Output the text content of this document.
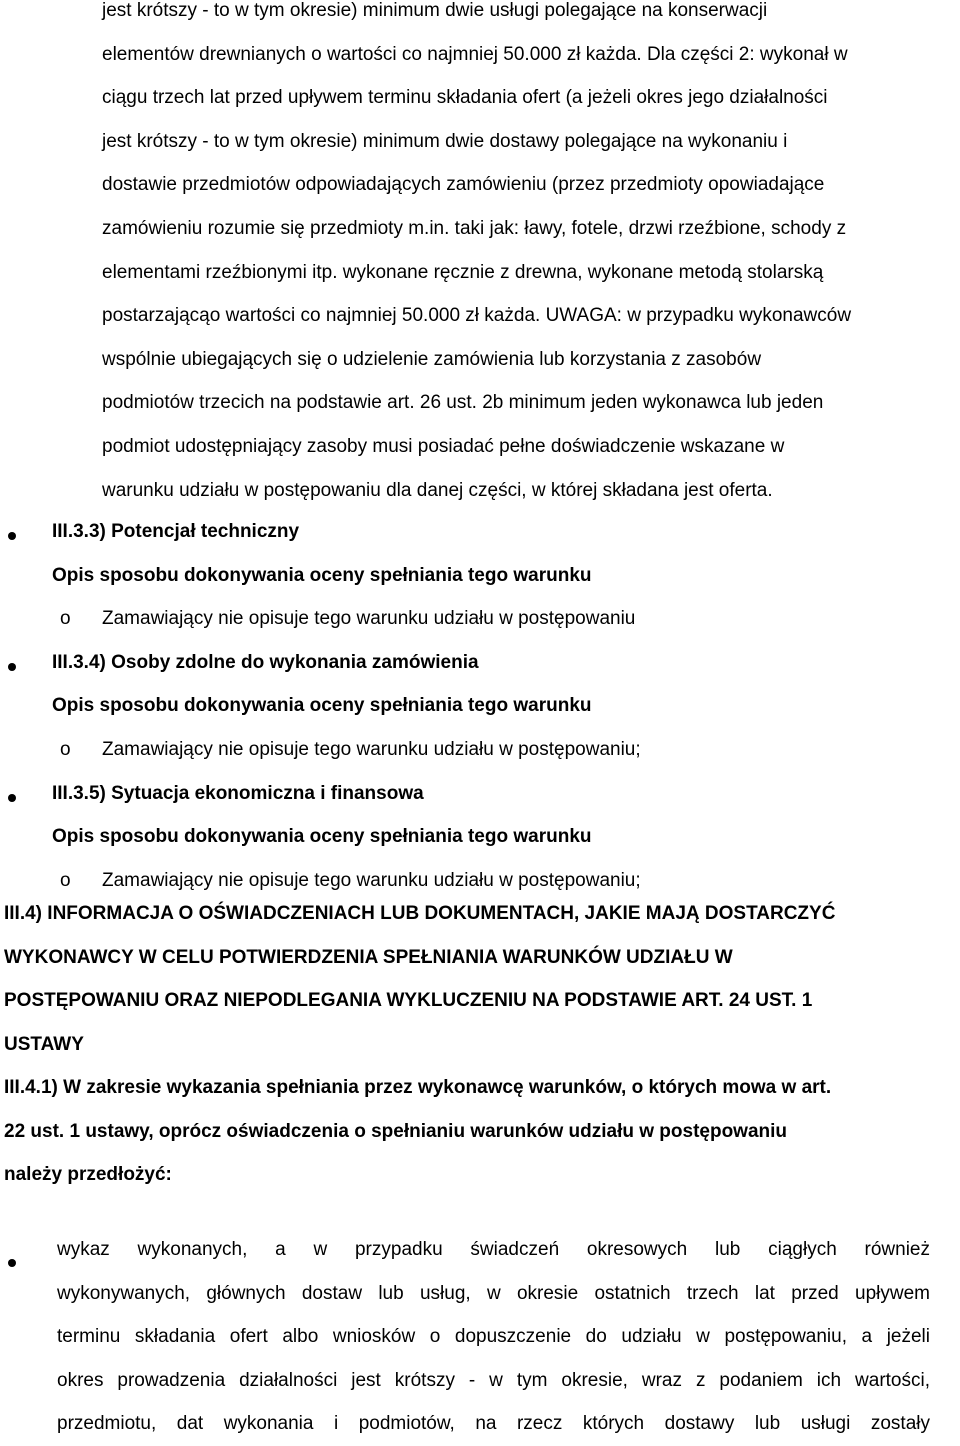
jest krótszy - to w tym okresie) minimum dwie usługi polegające na konserwacji
elementów drewnianych o wartości co najmniej 50.000 zł każda. Dla części 2: wykonał w
ciągu trzech lat przed upływem terminu składania ofert (a jeżeli okres jego działalności
jest krótszy - to w tym okresie) minimum dwie dostawy polegające na wykonaniu i
dostawie przedmiotów odpowiadających zamówieniu (przez przedmioty opowiadające
zamówieniu rozumie się przedmioty m.in. taki jak: ławy, fotele, drzwi rzeźbione, schody z
elementami rzeźbionymi itp. wykonane ręcznie z drewna, wykonane metodą stolarską
postarzającąo wartości co najmniej 50.000 zł każda. UWAGA: w przypadku wykonawców
wspólnie ubiegających się o udzielenie zamówienia lub korzystania z zasobów
podmiotów trzecich na podstawie art. 26 ust. 2b minimum jeden wykonawca lub jeden
podmiot udostępniający zasoby musi posiadać pełne doświadczenie wskazane w
warunku udziału w postępowaniu dla danej części, w której składana jest oferta.

III.3.3) Potencjał techniczny
Opis sposobu dokonywania oceny spełniania tego warunku
o Zamawiający nie opisuje tego warunku udziału w postępowaniu
III.3.4) Osoby zdolne do wykonania zamówienia
Opis sposobu dokonywania oceny spełniania tego warunku
o Zamawiający nie opisuje tego warunku udziału w postępowaniu;
III.3.5) Sytuacja ekonomiczna i finansowa
Opis sposobu dokonywania oceny spełniania tego warunku
o Zamawiający nie opisuje tego warunku udziału w postępowaniu;

III.4) INFORMACJA O OŚWIADCZENIACH LUB DOKUMENTACH, JAKIE MAJĄ DOSTARCZYĆ
WYKONAWCY W CELU POTWIERDZENIA SPEŁNIANIA WARUNKÓW UDZIAŁU W
POSTĘPOWANIU ORAZ NIEPODLEGANIA WYKLUCZENIU NA PODSTAWIE ART. 24 UST. 1
USTAWY

III.4.1) W zakresie wykazania spełniania przez wykonawcę warunków, o których mowa w art.
22 ust. 1 ustawy, oprócz oświadczenia o spełnianiu warunków udziału w postępowaniu
należy przedłożyć:

wykaz wykonanych, a w przypadku świadczeń okresowych lub ciągłych również
wykonywanych, głównych dostaw lub usług, w okresie ostatnich trzech lat przed upływem
terminu składania ofert albo wniosków o dopuszczenie do udziału w postępowaniu, a jeżeli
okres prowadzenia działalności jest krótszy - w tym okresie, wraz z podaniem ich wartości,
przedmiotu, dat wykonania i podmiotów, na rzecz których dostawy lub usługi zostały
